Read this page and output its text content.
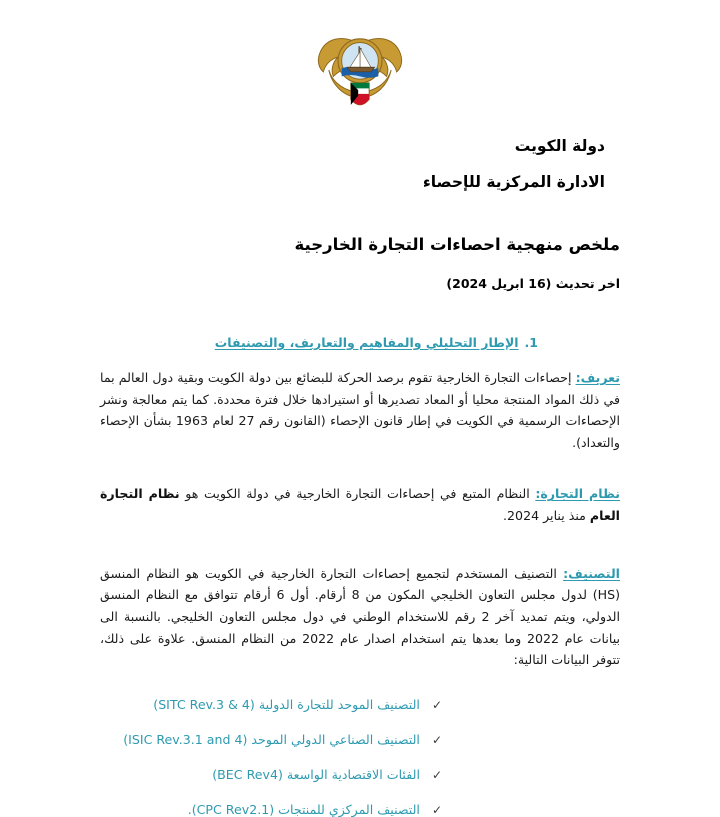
دولة الكويت
الادارة المركزية للإحصاء
ملخص منهجية احصاءات التجارة الخارجية
اخر تحديث (16 ابريل 2024)
1.
الإطار التحليلي والمفاهيم والتعاريف، والتصنيفات

تعريف: إحصاءات التجارة الخارجية تقوم برصد الحركة للبضائع بين دولة الكويت وبقية دول العالم بما في ذلك المواد المنتجة محليا أو المعاد تصديرها أو استيرادها خلال فترة محددة. كما يتم معالجة ونشر الإحصاءات الرسمية في الكويت في إطار قانون الإحصاء (القانون رقم 27 لعام 1963 بشأن الإحصاء والتعداد).

نظام التجارة: النظام المتبع في إحصاءات التجارة الخارجية في دولة الكويت هو نظام التجارة العام منذ يناير 2024.

التصنيف: التصنيف المستخدم لتجميع إحصاءات التجارة الخارجية في الكويت هو النظام المنسق (HS) لدول مجلس التعاون الخليجي المكون من 8 أرقام. أول 6 أرقام تتوافق مع النظام المنسق الدولي، ويتم تمديد آخر 2 رقم للاستخدام الوطني في دول مجلس التعاون الخليجي. بالنسبة الى بيانات عام 2022 وما بعدها يتم استخدام اصدار عام 2022 من النظام المنسق. علاوة على ذلك، تتوفر البيانات التالية:

✓
التصنيف الموحد للتجارة الدولية (SITC Rev.3 & 4)
✓
التصنيف الصناعي الدولي الموحد (ISIC Rev.3.1 and 4)
✓
الفئات الاقتصادية الواسعة (BEC Rev4)
✓
التصنيف المركزي للمنتجات (CPC Rev2.1).
